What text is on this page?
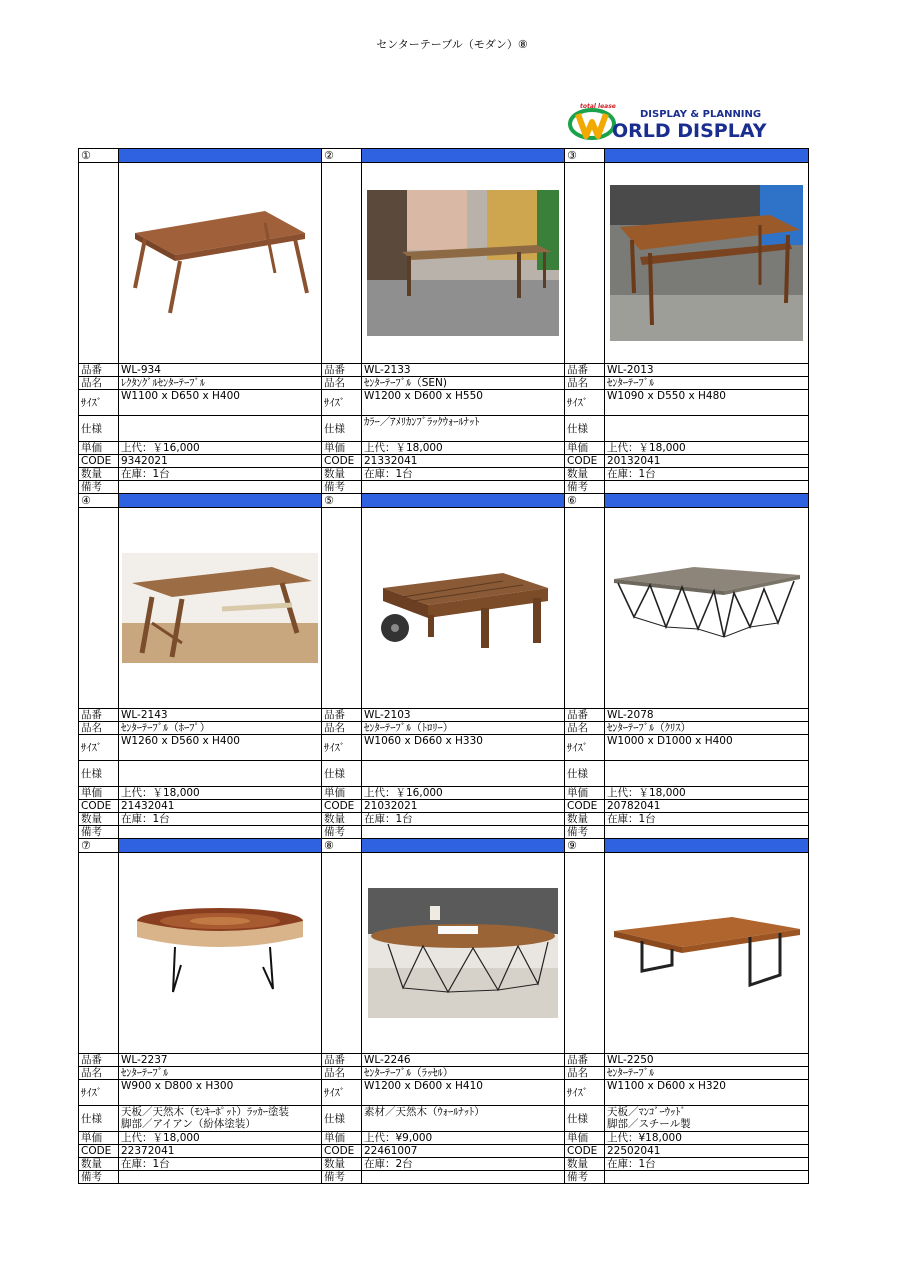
センターテーブル（モダン）⑧
total lease
DISPLAY & PLANNING
ORLD DISPLAY
①
品番	WL-934
品名	ﾚｸﾀﾝｸﾞﾙｾﾝﾀｰﾃｰﾌﾞﾙ
ｻｲｽﾞ
W1100 x D650 x H400
仕様
単価	上代：￥16,000
CODE 9342021
数量	在庫：1台
備考
②
品番	WL-2133
品名	ｾﾝﾀｰﾃｰﾌﾞﾙ（SEN)
ｻｲｽﾞ
W1200 x D600 x H550
仕様
ｶﾗｰ／ｱﾒﾘｶﾝﾌﾞﾗｯｸｳｫｰﾙﾅｯﾄ
単価	上代：￥18,000
CODE 21332041
数量	在庫：1台
備考
③
品番	WL-2013
品名	ｾﾝﾀｰﾃｰﾌﾞﾙ
ｻｲｽﾞ
W1090 x D550 x H480
仕様
単価	上代：￥18,000
CODE 20132041
数量	在庫：1台
備考
④
品番	WL-2143
品名	ｾﾝﾀｰﾃｰﾌﾞﾙ（ﾎｰﾌﾟ）
ｻｲｽﾞ
W1260 x D560 x H400
仕様
単価	上代：￥18,000
CODE 21432041
数量	在庫：1台
備考
⑤
品番	WL-2103
品名	ｾﾝﾀｰﾃｰﾌﾞﾙ（ﾄﾛﾘｰ）
ｻｲｽﾞ
W1060 x D660 x H330
仕様
単価	上代：￥16,000
CODE 21032021
数量	在庫：1台
備考
⑥
品番	WL-2078
品名	ｾﾝﾀｰﾃｰﾌﾞﾙ（ｸﾘｽ）
ｻｲｽﾞ
W1000 x D1000 x H400
仕様
単価	上代：￥18,000
CODE 20782041
数量	在庫：1台
備考
⑦
品番	WL-2237
品名	ｾﾝﾀｰﾃｰﾌﾞﾙ
ｻｲｽﾞ
W900 x D800 x H300
仕様
天板／天然木（ﾓﾝｷｰﾎﾟｯﾄ）ﾗｯｶｰ塗装
脚部／アイアン（紛体塗装）
単価	上代：￥18,000
CODE 22372041
数量	在庫：1台
備考
⑧
品番	WL-2246
品名	ｾﾝﾀｰﾃｰﾌﾞﾙ（ﾗｯｾﾙ）
ｻｲｽﾞ
W1200 x D600 x H410
仕様
素材／天然木（ｳｫｰﾙﾅｯﾄ）
単価	上代：¥9,000
CODE 22461007
数量	在庫：2台
備考
⑨
品番	WL-2250
品名	ｾﾝﾀｰﾃｰﾌﾞﾙ
ｻｲｽﾞ
W1100 x D600 x H320
仕様
天板／ﾏﾝｺﾞｰｳｯﾄﾞ
脚部／スチール製
単価	上代：¥18,000
CODE 22502041
数量	在庫：1台
備考
